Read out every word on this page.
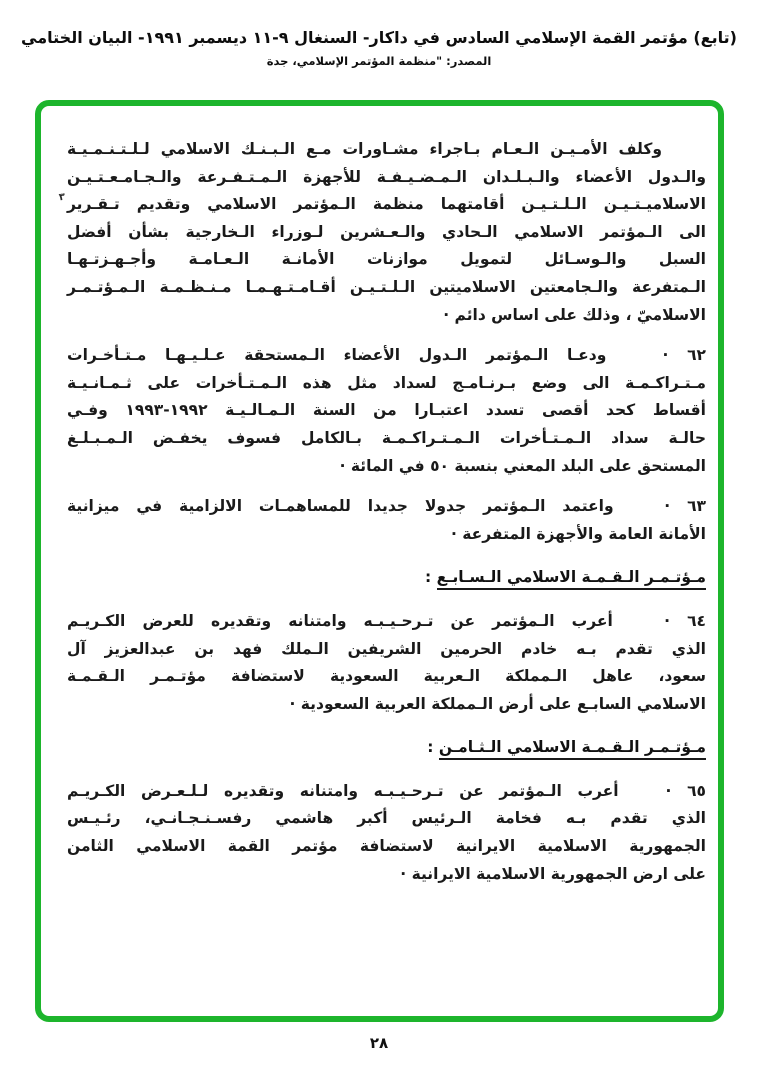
(تابع) مؤتمر القمة الإسلامي السادس في داكار- السنغال ٩-١١ ديسمبر ١٩٩١- البيان الختامي
المصدر: "منظمة المؤتمر الإسلامي، جدة
وكلف الأمـيـن الـعـام بـاجراء مشـاورات مـع الـبـنـك الاسلامي لـلـتـنـمـيـة
والـدول الأعضاء والـبـلـدان الـمـضـيـفـة للأجهزة الـمـتـفـرعة والـجـامـعـتـيـن
الاسلاميـتـيـن الـلـتـيـن أقامتهما منظمة الـمؤتمر الاسلامي وتقديم تـقـرير
الى الـمؤتمر الاسلامي الـحادي والـعـشرين لـوزراء الـخارجية بشأن أفضل
السبل والـوسـائل لتمويل موازنات الأمانـة الـعـامـة وأجـهـزتـهـا
الـمتفرعة والـجامعتين الاسلاميتين الـلـتـيـن أقـامـتـهـمـا مـنـظـمـة الـمـؤتـمـر
الاسلاميّ ، وذلك على اساس دائم ·
٦٢ ·   ودعـا الـمؤتمر الـدول الأعضاء الـمستحقة عـلـيـهـا مـتـأخـرات
مـتـراكـمـة الى وضع بـرنـامـج لسداد مثل هذه الـمـتـأخرات على ثـمـانـيـة
أقساط كحد أقصى تسدد اعتبـارا من السنة الـمـالـيـة ١٩٩٢-١٩٩٣ وفـي
حالـة سداد الـمـتـأخرات الـمـتـراكـمـة بـالكامل فسوف يخفـض الـمـبـلـغ
المستحق على البلد المعني بنسبة ٥٠ في المائة ·
٦٣ ·   واعتمد الـمؤتمر جدولا جديدا للمساهمـات الالزامية في ميزانية
الأمانة العامة والأجهزة المتفرعة ·
مـؤتـمـر الـقـمـة الاسلامي الـسـابـع :
٦٤ ·   أعرب الـمؤتمر عن تـرحـيـبـه وامتنانه وتقديره للعرض الكـريـم
الذي تقدم بـه خادم الحرمين الشريفين الـملك فهد بن عبدالعزيز آل
سعود، عاهل الـمملكة الـعربية السعودية لاستضافة مؤتـمـر الـقـمـة
الاسلامي السابـع على أرض الـمملكة العربية السعودية ·
مـؤتـمـر الـقـمـة الاسلامي الـثـامـن :
٦٥ ·   أعرب الـمؤتمر عن تـرحـيـبـه وامتنانه وتقديره لـلـعـرض الكـريـم
الذي تقدم بـه فخامة الـرئيس أكبر هاشمي رفسـنـجـانـي، رئـيـس
الجمهورية الاسلامية الايرانية لاستضافة مؤتمر القمة الاسلامي الثامن
على ارض الجمهورية الاسلامية الايرانية ·
٣
٢٨
